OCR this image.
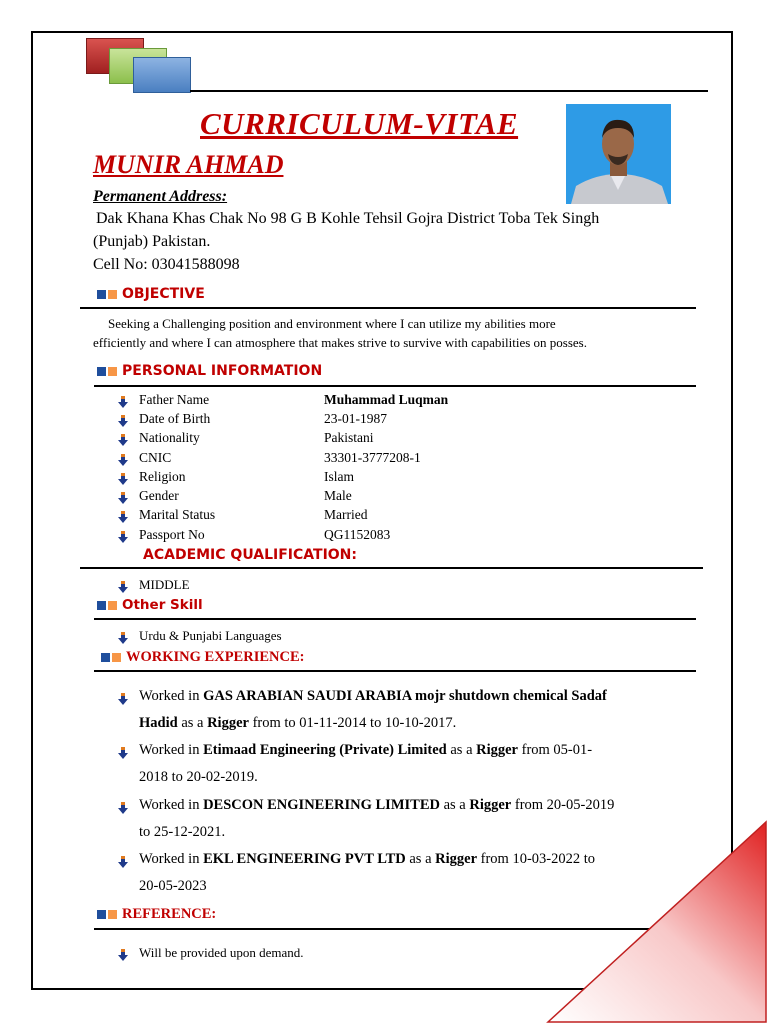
CURRICULUM-VITAE
MUNIR AHMAD
Permanent Address:
Dak Khana Khas Chak No 98 G B Kohle Tehsil Gojra District Toba Tek Singh
(Punjab) Pakistan.
Cell No: 03041588098
OBJECTIVE
Seeking a Challenging position and environment where I can utilize my abilities more
efficiently and where I can atmosphere that makes strive to survive with capabilities on posses.
PERSONAL INFORMATION
Father Name	Muhammad Luqman
Date of Birth	23-01-1987
Nationality	Pakistani
CNIC	33301-3777208-1
Religion	Islam
Gender	Male
Marital Status	Married
Passport No	QG1152083
ACADEMIC QUALIFICATION:
MIDDLE
Other Skill
Urdu & Punjabi Languages
WORKING EXPERIENCE:
Worked in GAS ARABIAN SAUDI ARABIA mojr shutdown chemical Sadaf
Hadid as a Rigger from to 01-11-2014 to 10-10-2017.
Worked in Etimaad Engineering (Private) Limited as a Rigger from 05-01-
2018 to 20-02-2019.
Worked in DESCON ENGINEERING LIMITED as a Rigger from 20-05-2019
to 25-12-2021.
Worked in EKL ENGINEERING PVT LTD as a Rigger from 10-03-2022 to
20-05-2023
REFERENCE:
Will be provided upon demand.
